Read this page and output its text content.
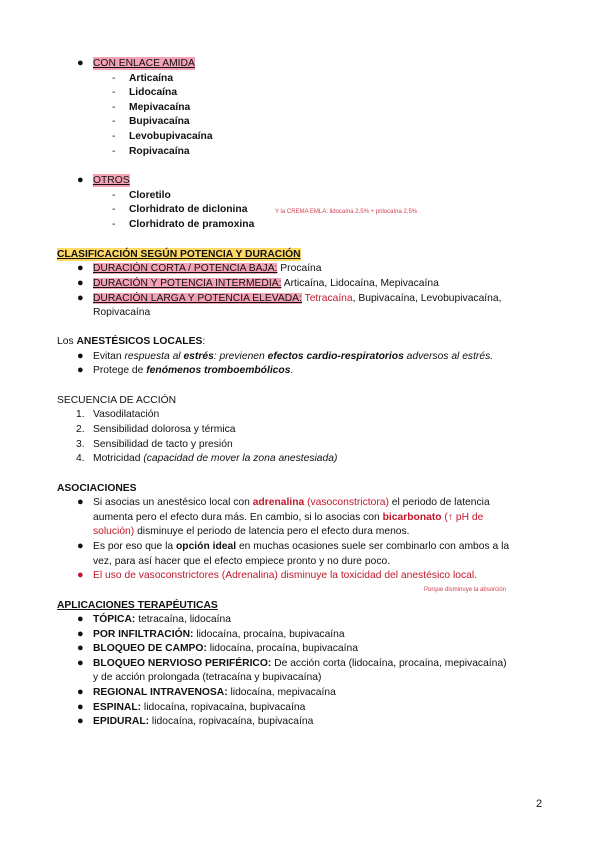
● CON ENLACE AMIDA
- Articaína
- Lidocaína
- Mepivacaína
- Bupivacaína
- Levobupivacaína
- Ropivacaína
● OTROS
- Cloretilo
- Clorhidrato de diclonina	Y la CREMA EMLA: lidocaína 2,5% + prilocaína 2,5%
- Clorhidrato de pramoxina
CLASIFICACIÓN SEGÚN POTENCIA Y DURACIÓN
● DURACIÓN CORTA / POTENCIA BAJA: Procaína
● DURACIÓN Y POTENCIA INTERMEDIA: Articaína, Lidocaína, Mepivacaína
● DURACIÓN LARGA Y POTENCIA ELEVADA: Tetracaína, Bupivacaína, Levobupivacaína,
Ropivacaína
Los ANESTÉSICOS LOCALES:
● Evitan respuesta al estrés: previenen efectos cardio-respiratorios adversos al estrés.
● Protege de fenómenos tromboembólicos.
SECUENCIA DE ACCIÓN
1. Vasodilatación
2. Sensibilidad dolorosa y térmica
3. Sensibilidad de tacto y presión
4. Motricidad (capacidad de mover la zona anestesiada)
ASOCIACIONES
● Si asocias un anestésico local con adrenalina (vasoconstrictora) el periodo de latencia
aumenta pero el efecto dura más. En cambio, si lo asocias con bicarbonato (↑ pH de
solución) disminuye el periodo de latencia pero el efecto dura menos.
● Es por eso que la opción ideal en muchas ocasiones suele ser combinarlo con ambos a la
vez, para así hacer que el efecto empiece pronto y no dure poco.
● El uso de vasoconstrictores (Adrenalina) disminuye la toxicidad del anestésico local.
Porque disminuye la absorción
APLICACIONES TERAPÉUTICAS
● TÓPICA: tetracaína, lidocaína
● POR INFILTRACIÓN: lidocaína, procaína, bupivacaína
● BLOQUEO DE CAMPO: lidocaína, procaína, bupivacaína
● BLOQUEO NERVIOSO PERIFÉRICO: De acción corta (lidocaína, procaína, mepivacaína)
y de acción prolongada (tetracaína y bupivacaína)
● REGIONAL INTRAVENOSA: lidocaína, mepivacaína
● ESPINAL: lidocaína, ropivacaína, bupivacaína
● EPIDURAL: lidocaína, ropivacaína, bupivacaína
2
